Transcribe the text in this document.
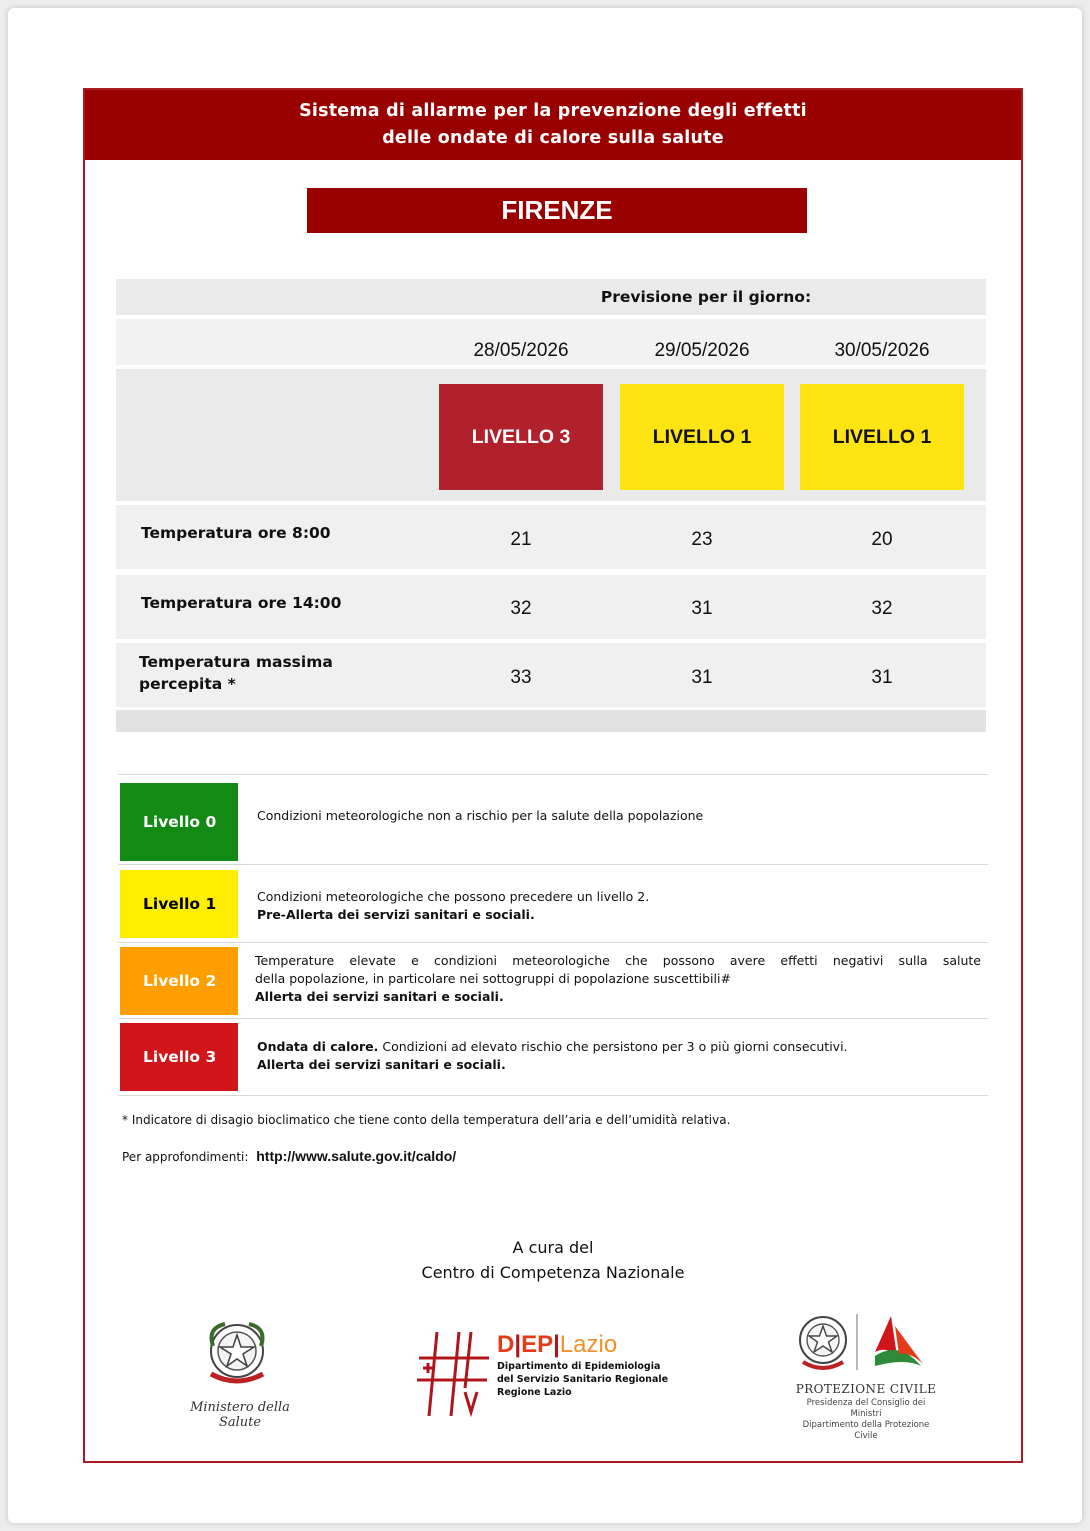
Sistema di allarme per la prevenzione degli effetti
delle ondate di calore sulla salute
FIRENZE
Previsione per il giorno:
28/05/2026	29/05/2026	30/05/2026
LIVELLO 3	LIVELLO 1	LIVELLO 1
Temperatura ore 8:00	21	23	20
Temperatura ore 14:00	32	31	32
Temperatura massima
percepita *	33	31	31
Livello 0	Condizioni meteorologiche non a rischio per la salute della popolazione
Livello 1	Condizioni meteorologiche che possono precedere un livello 2.
Pre-Allerta dei servizi sanitari e sociali.
Livello 2
Temperature elevate e condizioni meteorologiche che possono avere effetti negativi sulla salute
della popolazione, in particolare nei sottogruppi di popolazione suscettibili#
Allerta dei servizi sanitari e sociali.
Livello 3
Ondata di calore. Condizioni ad elevato rischio che persistono per 3 o più giorni consecutivi.
Allerta dei servizi sanitari e sociali.
* Indicatore di disagio bioclimatico che tiene conto della temperatura dell’aria e dell’umidità relativa.
Per approfondimenti: http://www.salute.gov.it/caldo/
A cura del
Centro di Competenza Nazionale
Ministero della Salute
D|EP|Lazio
Dipartimento di Epidemiologia
del Servizio Sanitario Regionale
Regione Lazio	PROTEZIONE CIVILE
Presidenza del Consiglio dei Ministri
Dipartimento della Protezione Civile
